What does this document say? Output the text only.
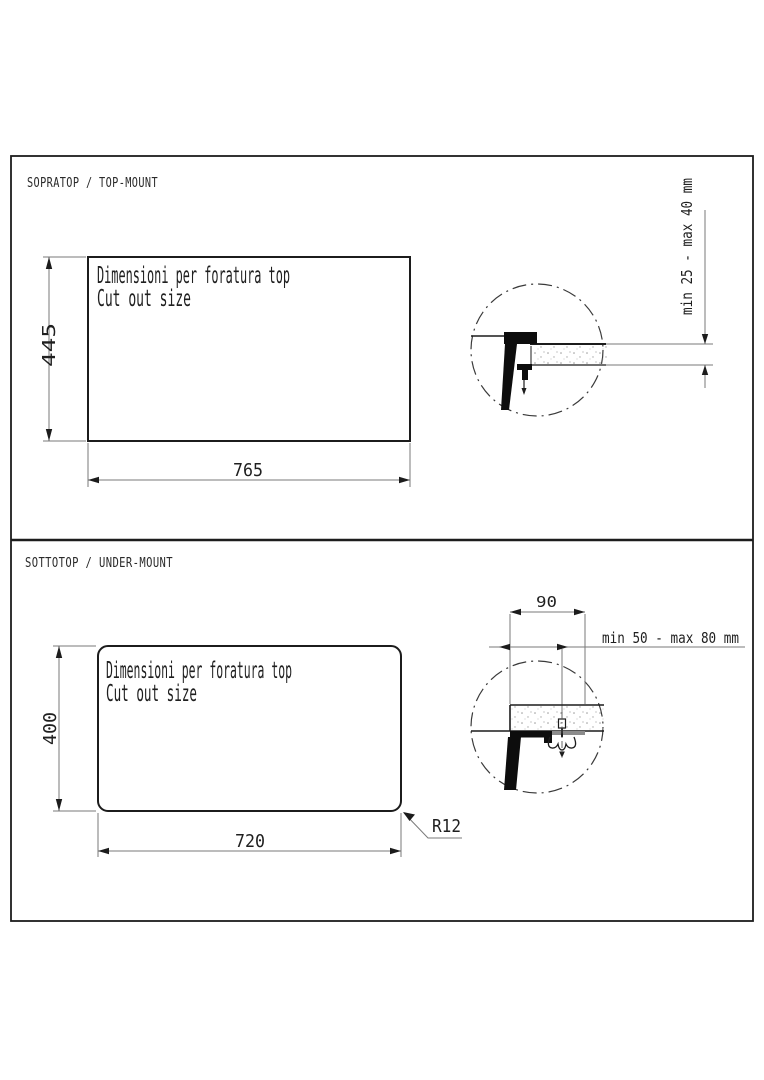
SOPRATOP / TOP-MOUNT
Dimensioni per foratura top
Cut out size
445
765
min 25 - max 40 mm
SOTTOTOP / UNDER-MOUNT
Dimensioni per foratura top
Cut out size
400
720
R12
90
min 50 - max 80 mm
